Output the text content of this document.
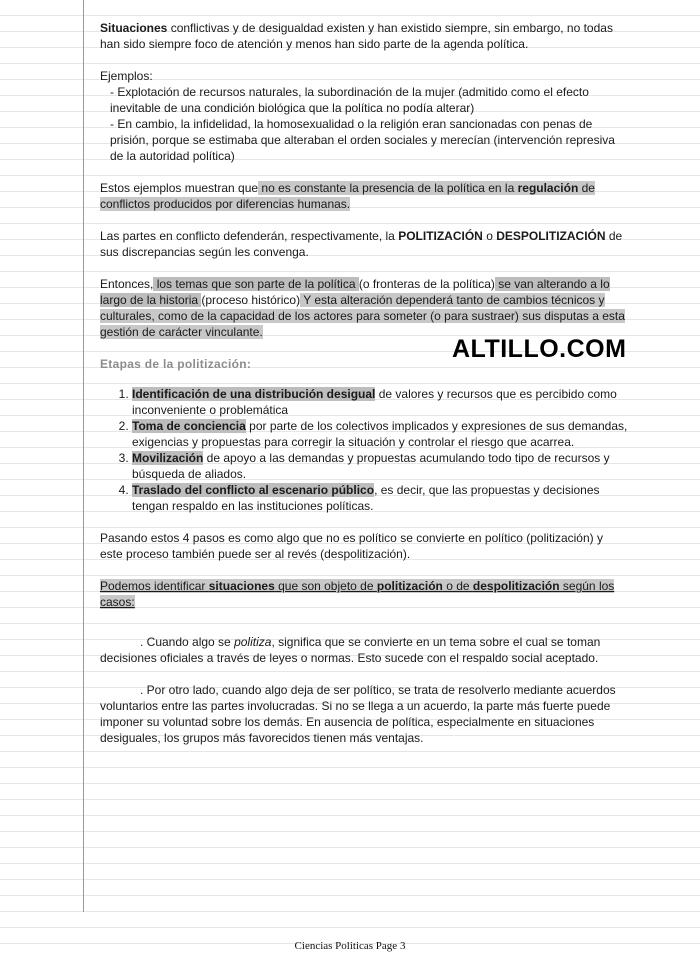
Situaciones conflictivas y de desigualdad existen y han existido siempre, sin embargo, no todas han sido siempre foco de atención y menos han sido parte de la agenda política.

Ejemplos:

- Explotación de recursos naturales, la subordinación de la mujer (admitido como el efecto inevitable de una condición biológica que la política no podía alterar)

- En cambio, la infidelidad, la homosexualidad o la religión eran sancionadas con penas de prisión, porque se estimaba que alteraban el orden sociales y merecían (intervención represiva de la autoridad política)

Estos ejemplos muestran que no es constante la presencia de la política en la regulación de conflictos producidos por diferencias humanas.

Las partes en conflicto defenderán, respectivamente, la POLITIZACIÓN o DESPOLITIZACIÓN de sus discrepancias según les convenga.

Entonces, los temas que son parte de la política (o fronteras de la política) se van alterando a lo largo de la historia (proceso histórico) Y esta alteración dependerá tanto de cambios técnicos y culturales, como de la capacidad de los actores para someter (o para sustraer) sus disputas a esta gestión de carácter vinculante.

Etapas de la politización:

1. Identificación de una distribución desigual de valores y recursos que es percibido como inconveniente o problemática
2. Toma de conciencia por parte de los colectivos implicados y expresiones de sus demandas, exigencias y propuestas para corregir la situación y controlar el riesgo que acarrea.
3. Movilización de apoyo a las demandas y propuestas acumulando todo tipo de recursos y búsqueda de aliados.
4. Traslado del conflicto al escenario público, es decir, que las propuestas y decisiones tengan respaldo en las instituciones políticas.

Pasando estos 4 pasos es como algo que no es político se convierte en político (politización) y este proceso también puede ser al revés (despolitización).

Podemos identificar situaciones que son objeto de politización o de despolitización según los casos:

. Cuando algo se politiza, significa que se convierte en un tema sobre el cual se toman decisiones oficiales a través de leyes o normas. Esto sucede con el respaldo social aceptado.

. Por otro lado, cuando algo deja de ser político, se trata de resolverlo mediante acuerdos voluntarios entre las partes involucradas. Si no se llega a un acuerdo, la parte más fuerte puede imponer su voluntad sobre los demás. En ausencia de política, especialmente en situaciones desiguales, los grupos más favorecidos tienen más ventajas.

ALTILLO.COM
Ciencias Politicas Page 3
